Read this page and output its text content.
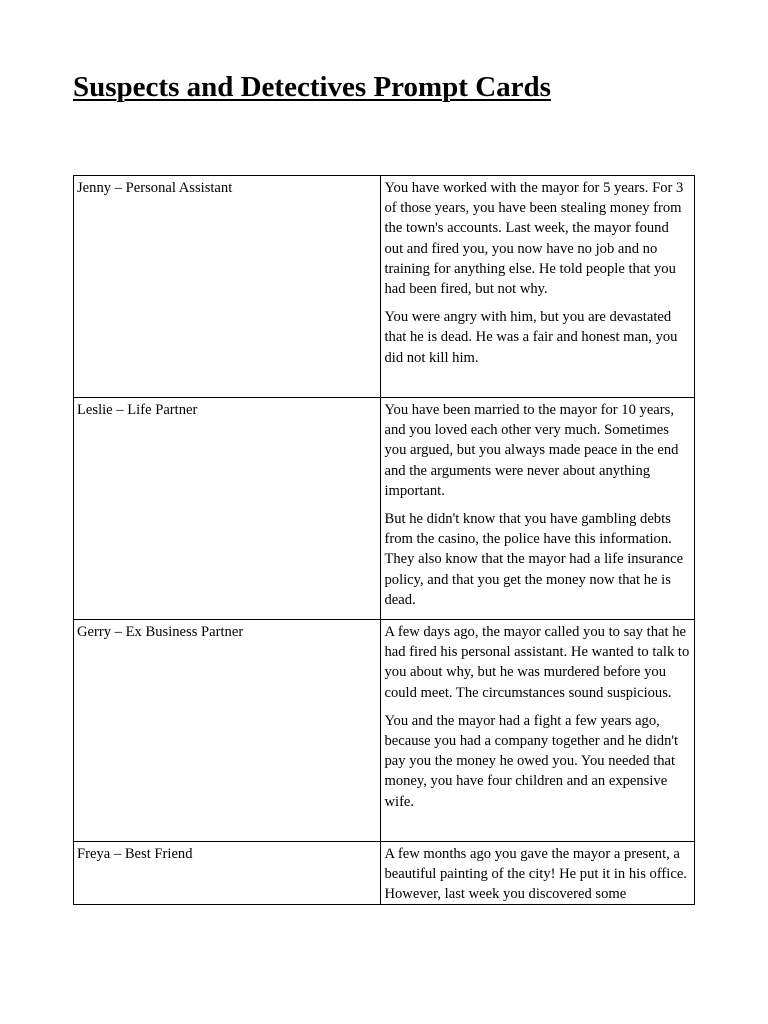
Suspects and Detectives Prompt Cards
Jenny – Personal Assistant	You have worked with the mayor for 5 years. For 3 of those years, you have been stealing money from the town's accounts. Last week, the mayor found out and fired you, you now have no job and no training for anything else. He told people that you had been fired, but not why.

You were angry with him, but you are devastated that he is dead. He was a fair and honest man, you did not kill him.

Leslie – Life Partner	You have been married to the mayor for 10 years, and you loved each other very much. Sometimes you argued, but you always made peace in the end and the arguments were never about anything important.

But he didn't know that you have gambling debts from the casino, the police have this information. They also know that the mayor had a life insurance policy, and that you get the money now that he is dead.

Gerry – Ex Business Partner	A few days ago, the mayor called you to say that he had fired his personal assistant. He wanted to talk to you about why, but he was murdered before you could meet. The circumstances sound suspicious.

You and the mayor had a fight a few years ago, because you had a company together and he didn't pay you the money he owed you. You needed that money, you have four children and an expensive wife.

Freya – Best Friend	A few months ago you gave the mayor a present, a beautiful painting of the city! He put it in his office. However, last week you discovered some
